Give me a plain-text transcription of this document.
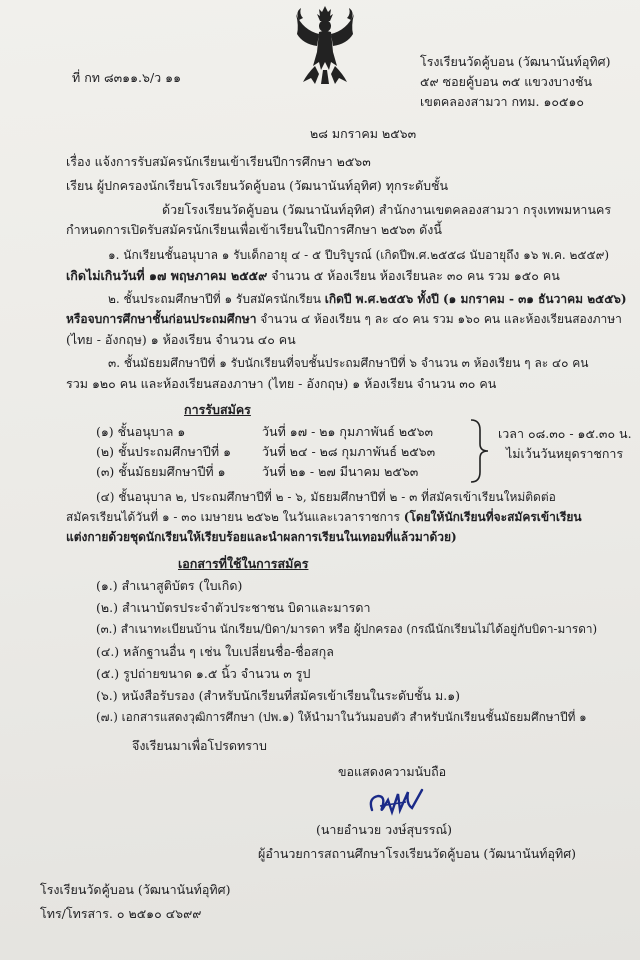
ที่ กท ๘๓๑๑.๖/ว ๑๑
โรงเรียนวัดคู้บอน (วัฒนานันท์อุทิศ)
๕๙ ซอยคู้บอน ๓๕ แขวงบางชัน
เขตคลองสามวา กทม. ๑๐๕๑๐
๒๘ มกราคม ๒๕๖๓
เรื่อง แจ้งการรับสมัครนักเรียนเข้าเรียนปีการศึกษา ๒๕๖๓
เรียน ผู้ปกครองนักเรียนโรงเรียนวัดคู้บอน (วัฒนานันท์อุทิศ) ทุกระดับชั้น
ด้วยโรงเรียนวัดคู้บอน (วัฒนานันท์อุทิศ) สำนักงานเขตคลองสามวา กรุงเทพมหานคร
กำหนดการเปิดรับสมัครนักเรียนเพื่อเข้าเรียนในปีการศึกษา ๒๕๖๓ ดังนี้
๑. นักเรียนชั้นอนุบาล ๑ รับเด็กอายุ ๔ - ๕ ปีบริบูรณ์ (เกิดปีพ.ศ.๒๕๕๘ นับอายุถึง ๑๖ พ.ค. ๒๕๕๙)
เกิดไม่เกินวันที่ ๑๗ พฤษภาคม ๒๕๕๙ จำนวน ๕ ห้องเรียน ห้องเรียนละ ๓๐ คน รวม ๑๕๐ คน
๒. ชั้นประถมศึกษาปีที่ ๑ รับสมัครนักเรียน เกิดปี พ.ศ.๒๕๕๖ ทั้งปี (๑ มกราคม - ๓๑ ธันวาคม ๒๕๕๖)
หรือจบการศึกษาชั้นก่อนประถมศึกษา จำนวน ๔ ห้องเรียน ๆ ละ ๔๐ คน รวม ๑๖๐ คน และห้องเรียนสองภาษา
(ไทย - อังกฤษ) ๑ ห้องเรียน จำนวน ๔๐ คน
๓. ชั้นมัธยมศึกษาปีที่ ๑ รับนักเรียนที่จบชั้นประถมศึกษาปีที่ ๖ จำนวน ๓ ห้องเรียน ๆ ละ ๔๐ คน
รวม ๑๒๐ คน และห้องเรียนสองภาษา (ไทย - อังกฤษ) ๑ ห้องเรียน จำนวน ๓๐ คน
การรับสมัคร
(๑) ชั้นอนุบาล ๑	วันที่ ๑๗ - ๒๑ กุมภาพันธ์ ๒๕๖๓
(๒) ชั้นประถมศึกษาปีที่ ๑ วันที่ ๒๔ - ๒๘ กุมภาพันธ์ ๒๕๖๓
(๓) ชั้นมัธยมศึกษาปีที่ ๑	วันที่ ๒๑ - ๒๗ มีนาคม ๒๕๖๓
เวลา ๐๘.๓๐ - ๑๕.๓๐ น.
ไม่เว้นวันหยุดราชการ
(๔) ชั้นอนุบาล ๒, ประถมศึกษาปีที่ ๒ - ๖, มัธยมศึกษาปีที่ ๒ - ๓ ที่สมัครเข้าเรียนใหม่ติดต่อ
สมัครเรียนได้วันที่ ๑ - ๓๐ เมษายน ๒๕๖๒ ในวันและเวลาราชการ (โดยให้นักเรียนที่จะสมัครเข้าเรียน
แต่งกายด้วยชุดนักเรียนให้เรียบร้อยและนำผลการเรียนในเทอมที่แล้วมาด้วย)
เอกสารที่ใช้ในการสมัคร
(๑.) สำเนาสูติบัตร (ใบเกิด)
(๒.) สำเนาบัตรประจำตัวประชาชน บิดาและมารดา
(๓.) สำเนาทะเบียนบ้าน นักเรียน/บิดา/มารดา หรือ ผู้ปกครอง (กรณีนักเรียนไม่ได้อยู่กับบิดา-มารดา)
(๔.) หลักฐานอื่น ๆ เช่น ใบเปลี่ยนชื่อ-ชื่อสกุล
(๕.) รูปถ่ายขนาด ๑.๕ นิ้ว จำนวน ๓ รูป
(๖.) หนังสือรับรอง (สำหรับนักเรียนที่สมัครเข้าเรียนในระดับชั้น ม.๑)
(๗.) เอกสารแสดงวุฒิการศึกษา (ปพ.๑) ให้นำมาในวันมอบตัว สำหรับนักเรียนชั้นมัธยมศึกษาปีที่ ๑
จึงเรียนมาเพื่อโปรดทราบ
ขอแสดงความนับถือ
(นายอำนวย วงษ์สุบรรณ์)
ผู้อำนวยการสถานศึกษาโรงเรียนวัดคู้บอน (วัฒนานันท์อุทิศ)
โรงเรียนวัดคู้บอน (วัฒนานันท์อุทิศ)
โทร/โทรสาร. ๐ ๒๕๑๐ ๔๖๙๙
